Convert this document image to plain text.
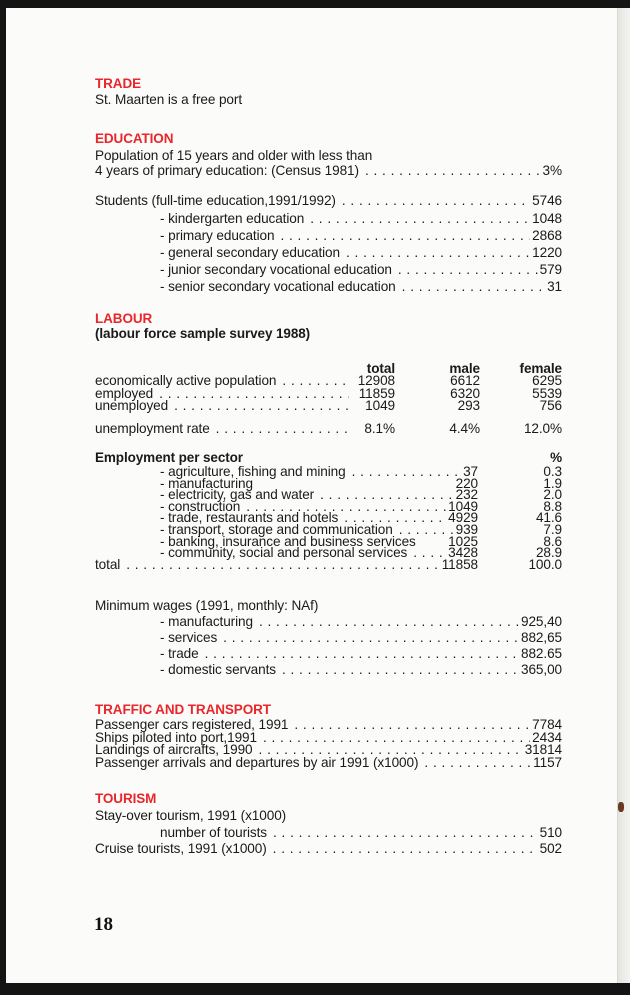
TRADE
St. Maarten is a free port
EDUCATION
Population of 15 years and older with less than
4 years of primary education: (Census 1981) . . .	3%
Students (full-time education,1991/1992) . . .	5746
- kindergarten education . . .	1048
- primary education . . .	2868
- general secondary education . . .	1220
- junior secondary vocational education . . .	579
- senior secondary vocational education . . .	31
LABOUR
(labour force sample survey 1988)
total	male	female
economically active population . . .	12908	6612	6295
employed . . .	11859	6320	5539
unemployed . . .	1049	293	756
unemployment rate . . .	8.1%	4.4%	12.0%
Employment per sector	%
- agriculture, fishing and mining . . .	37	0.3
- manufacturing	220	1.9
- electricity, gas and water . . .	232	2.0
- construction . . .	1049	8.8
- trade, restaurants and hotels . . .	4929	41.6
- transport, storage and communication . . .	939	7.9
- banking, insurance and business services 1025	8.6
- community, social and personal services . . .	3428	28.9
total . . .	11858	100.0
Minimum wages (1991, monthly: NAf)
- manufacturing . . .	925,40
- services . . .	882,65
- trade . . .	882.65
- domestic servants . . .	365,00
TRAFFIC AND TRANSPORT
Passenger cars registered, 1991 . . .	7784
Ships piloted into port,1991 . . .	2434
Landings of aircrafts, 1990 . . .	31814
Passenger arrivals and departures by air 1991 (x1000) . . .	1157
TOURISM
Stay-over tourism, 1991 (x1000)
number of tourists . . .	510
Cruise tourists, 1991 (x1000) . . .	502
18
